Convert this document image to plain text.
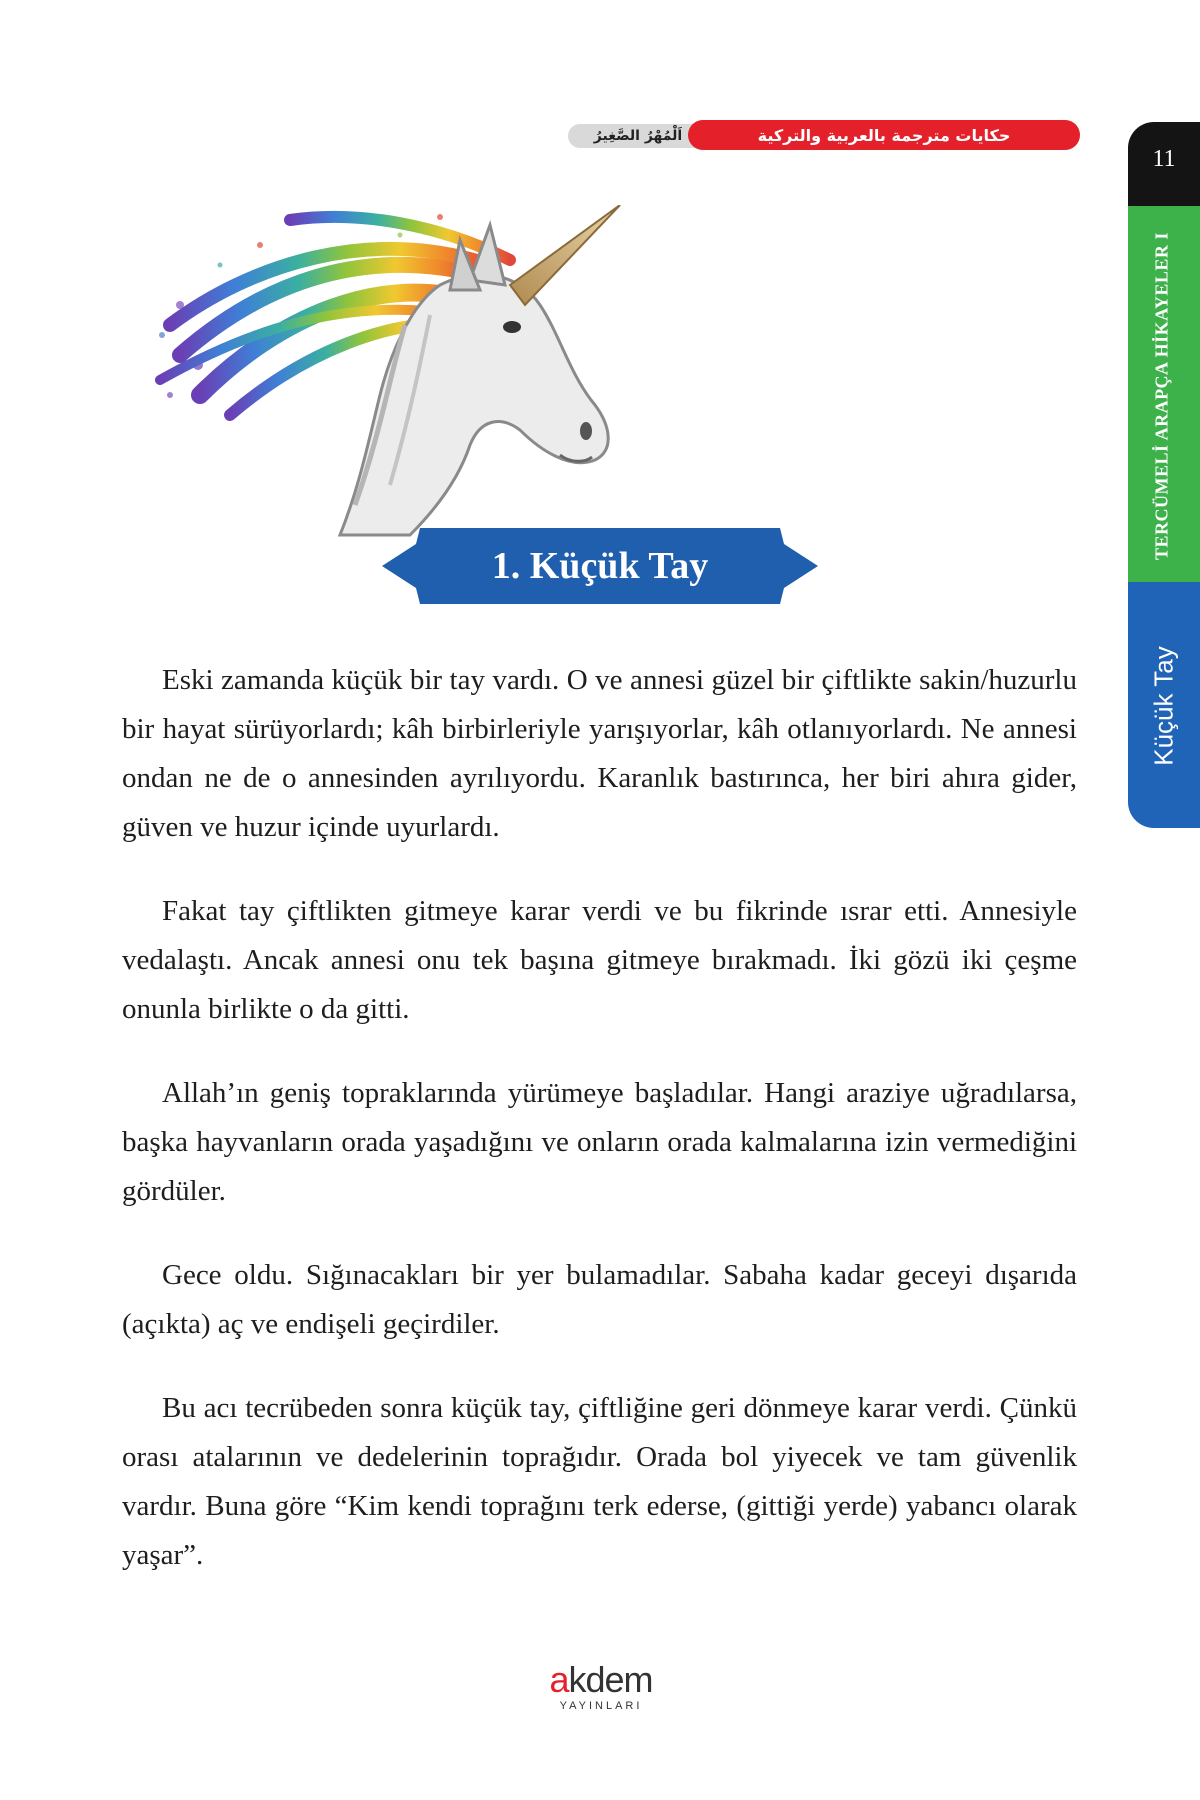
اَلْمُهْرُ الصَّغِيرُ	حكايات مترجمة بالعربية والتركية
11
TERCÜMELİ ARAPÇA HİKAYELER I
Küçük Tay
1. Küçük Tay

Eski zamanda küçük bir tay vardı. O ve annesi güzel bir çiftlikte sakin/huzurlu bir hayat sürüyorlardı; kâh birbirleriyle yarışıyorlar, kâh otlanıyorlardı. Ne annesi ondan ne de o annesinden ayrılıyordu. Karanlık bastırınca, her biri ahıra gider, güven ve huzur içinde uyurlardı.

Fakat tay çiftlikten gitmeye karar verdi ve bu fikrinde ısrar etti. Annesiyle vedalaştı. Ancak annesi onu tek başına gitmeye bırakmadı. İki gözü iki çeşme onunla birlikte o da gitti.

Allah’ın geniş topraklarında yürümeye başladılar. Hangi araziye uğradılarsa, başka hayvanların orada yaşadığını ve onların orada kalmalarına izin vermediğini gördüler.

Gece oldu. Sığınacakları bir yer bulamadılar. Sabaha kadar geceyi dışarıda (açıkta) aç ve endişeli geçirdiler.

Bu acı tecrübeden sonra küçük tay, çiftliğine geri dönmeye karar verdi. Çünkü orası atalarının ve dedelerinin toprağıdır. Orada bol yiyecek ve tam güvenlik vardır. Buna göre “Kim kendi toprağını terk ederse, (gittiği yerde) yabancı olarak yaşar”.

akdem
YAYINLARI
